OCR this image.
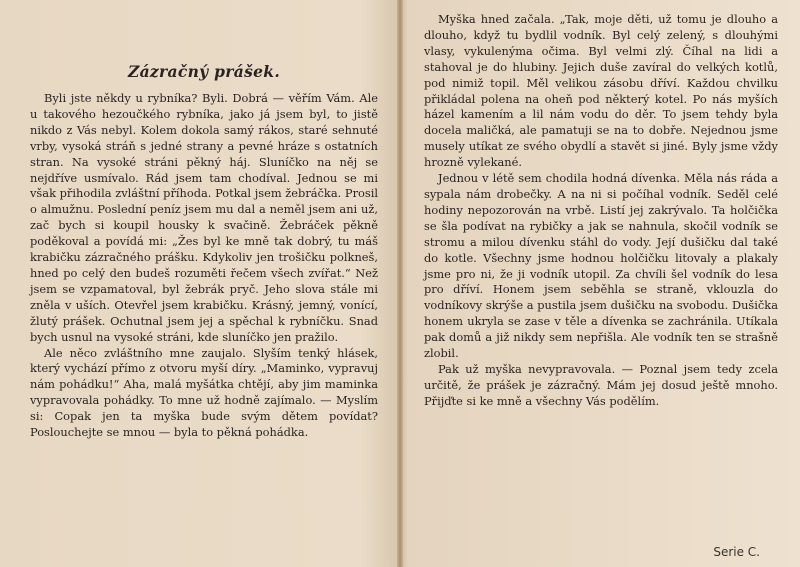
Zázračný prášek.

Byli jste někdy u rybníka? Byli. Dobrá — věřím Vám. Ale u takového hezoučkého rybníka, jako já jsem byl, to jistě nikdo z Vás nebyl. Kolem dokola samý rákos, staré sehnuté vrby, vysoká stráň s jedné strany a pevné hráze s ostatních stran. Na vysoké stráni pěkný háj. Sluníčko na něj se nejdříve usmívalo. Rád jsem tam chodíval. Jednou se mi však přihodila zvláštní příhoda. Potkal jsem žebráčka. Prosil o almužnu. Poslední peníz jsem mu dal a neměl jsem ani už, zač bych si koupil housky k svačině. Žebráček pěkně poděkoval a povídá mi: „Žes byl ke mně tak dobrý, tu máš krabičku zázračného prášku. Kdykoliv jen trošičku polkneš, hned po celý den budeš rozuměti řečem všech zvířat.“ Než jsem se vzpamatoval, byl žebrák pryč. Jeho slova stále mi zněla v uších. Otevřel jsem krabičku. Krásný, jemný, vonící, žlutý prášek. Ochutnal jsem jej a spěchal k rybníčku. Snad bych usnul na vysoké stráni, kde sluníčko jen pražilo.

Ale něco zvláštního mne zaujalo. Slyším tenký hlásek, který vychází přímo z otvoru myší díry. „Maminko, vypravuj nám pohádku!“ Aha, malá myšátka chtějí, aby jim maminka vypravovala pohádky. To mne už hodně zajímalo. — Myslím si: Copak jen ta myška bude svým dětem povídat? Poslouchejte se mnou — byla to pěkná pohádka.

Myška hned začala. „Tak, moje děti, už tomu je dlouho a dlouho, když tu bydlil vodník. Byl celý zelený, s dlouhými vlasy, vykulenýma očima. Byl velmi zlý. Číhal na lidi a stahoval je do hlubiny. Jejich duše zavíral do velkých kotlů, pod nimiž topil. Měl velikou zásobu dříví. Každou chvilku přikládal polena na oheň pod některý kotel. Po nás myších házel kamením a lil nám vodu do děr. To jsem tehdy byla docela maličká, ale pamatuji se na to dobře. Nejednou jsme musely utíkat ze svého obydlí a stavět si jiné. Byly jsme vždy hrozně vylekané.

Jednou v létě sem chodila hodná dívenka. Měla nás ráda a sypala nám drobečky. A na ni si počíhal vodník. Seděl celé hodiny nepozorován na vrbě. Listí jej zakrývalo. Ta holčička se šla podívat na rybičky a jak se nahnula, skočil vodník se stromu a milou dívenku stáhl do vody. Její dušičku dal také do kotle. Všechny jsme hodnou holčičku litovaly a plakaly jsme pro ni, že ji vodník utopil. Za chvíli šel vodník do lesa pro dříví. Honem jsem seběhla se straně, vklouzla do vodníkovy skrýše a pustila jsem dušičku na svobodu. Dušička honem ukryla se zase v těle a dívenka se zachránila. Utíkala pak domů a již nikdy sem nepřišla. Ale vodník ten se strašně zlobil.

Pak už myška nevypravovala. — Poznal jsem tedy zcela určitě, že prášek je zázračný. Mám jej dosud ještě mnoho. Přijďte si ke mně a všechny Vás podělím.

Serie C.
